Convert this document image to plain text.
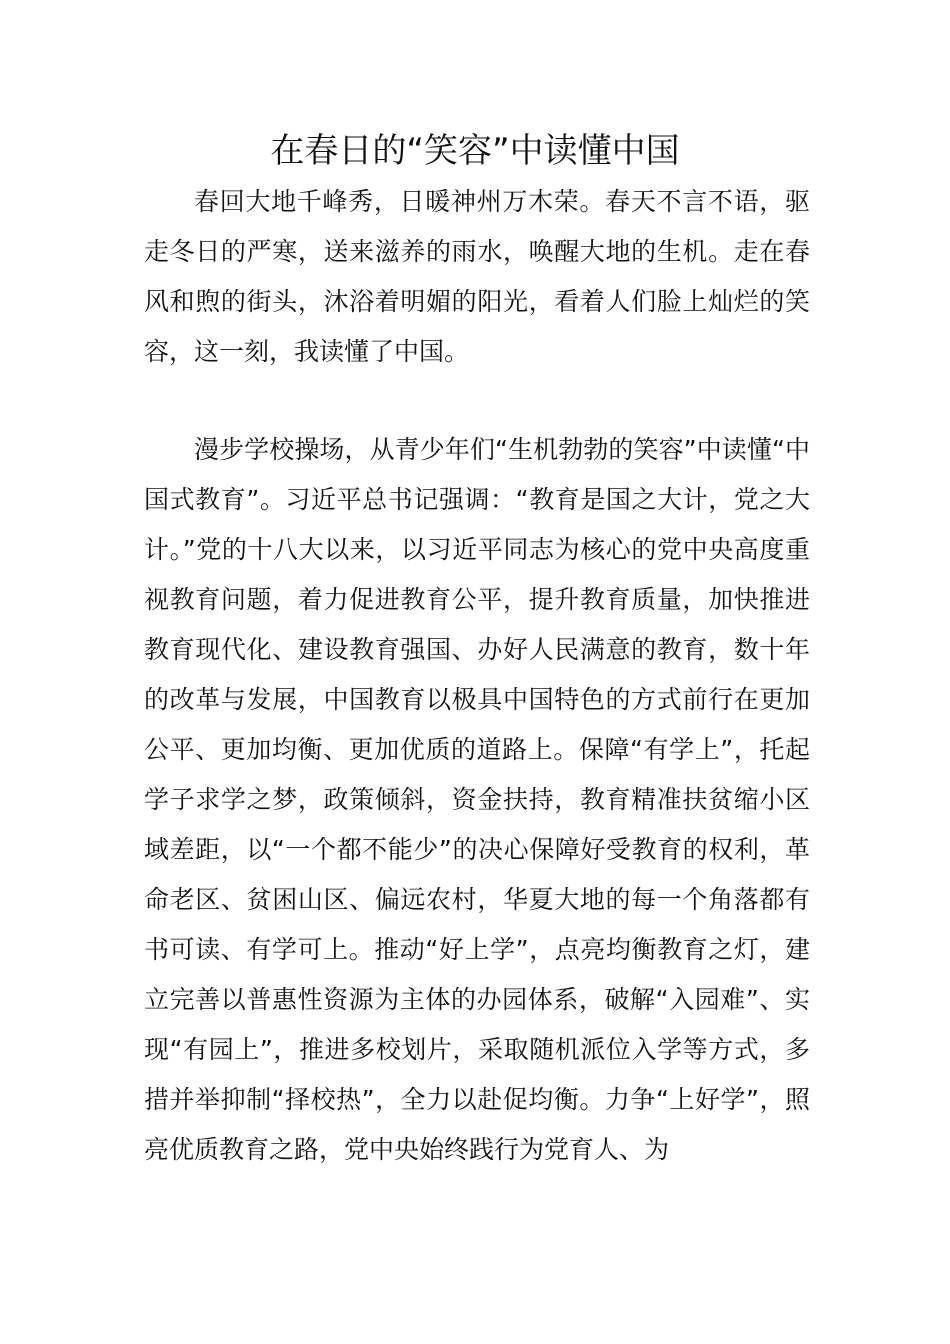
在春日的“笑容”中读懂中国

春回大地千峰秀，日暖神州万木荣。春天不言不语，驱走冬日的严寒，送来滋养的雨水，唤醒大地的生机。走在春风和煦的街头，沐浴着明媚的阳光，看着人们脸上灿烂的笑容，这一刻，我读懂了中国。

漫步学校操场，从青少年们“生机勃勃的笑容”中读懂“中国式教育”。习近平总书记强调：“教育是国之大计，党之大计。”党的十八大以来，以习近平同志为核心的党中央高度重视教育问题，着力促进教育公平，提升教育质量，加快推进教育现代化、建设教育强国、办好人民满意的教育，数十年的改革与发展，中国教育以极具中国特色的方式前行在更加公平、更加均衡、更加优质的道路上。保障“有学上”，托起学子求学之梦，政策倾斜，资金扶持，教育精准扶贫缩小区域差距，以“一个都不能少”的决心保障好受教育的权利，革命老区、贫困山区、偏远农村，华夏大地的每一个角落都有书可读、有学可上。推动“好上学”，点亮均衡教育之灯，建立完善以普惠性资源为主体的办园体系，破解“入园难”、实现“有园上”，推进多校划片，采取随机派位入学等方式，多措并举抑制“择校热”，全力以赴促均衡。力争“上好学”，照亮优质教育之路，党中央始终践行为党育人、为
